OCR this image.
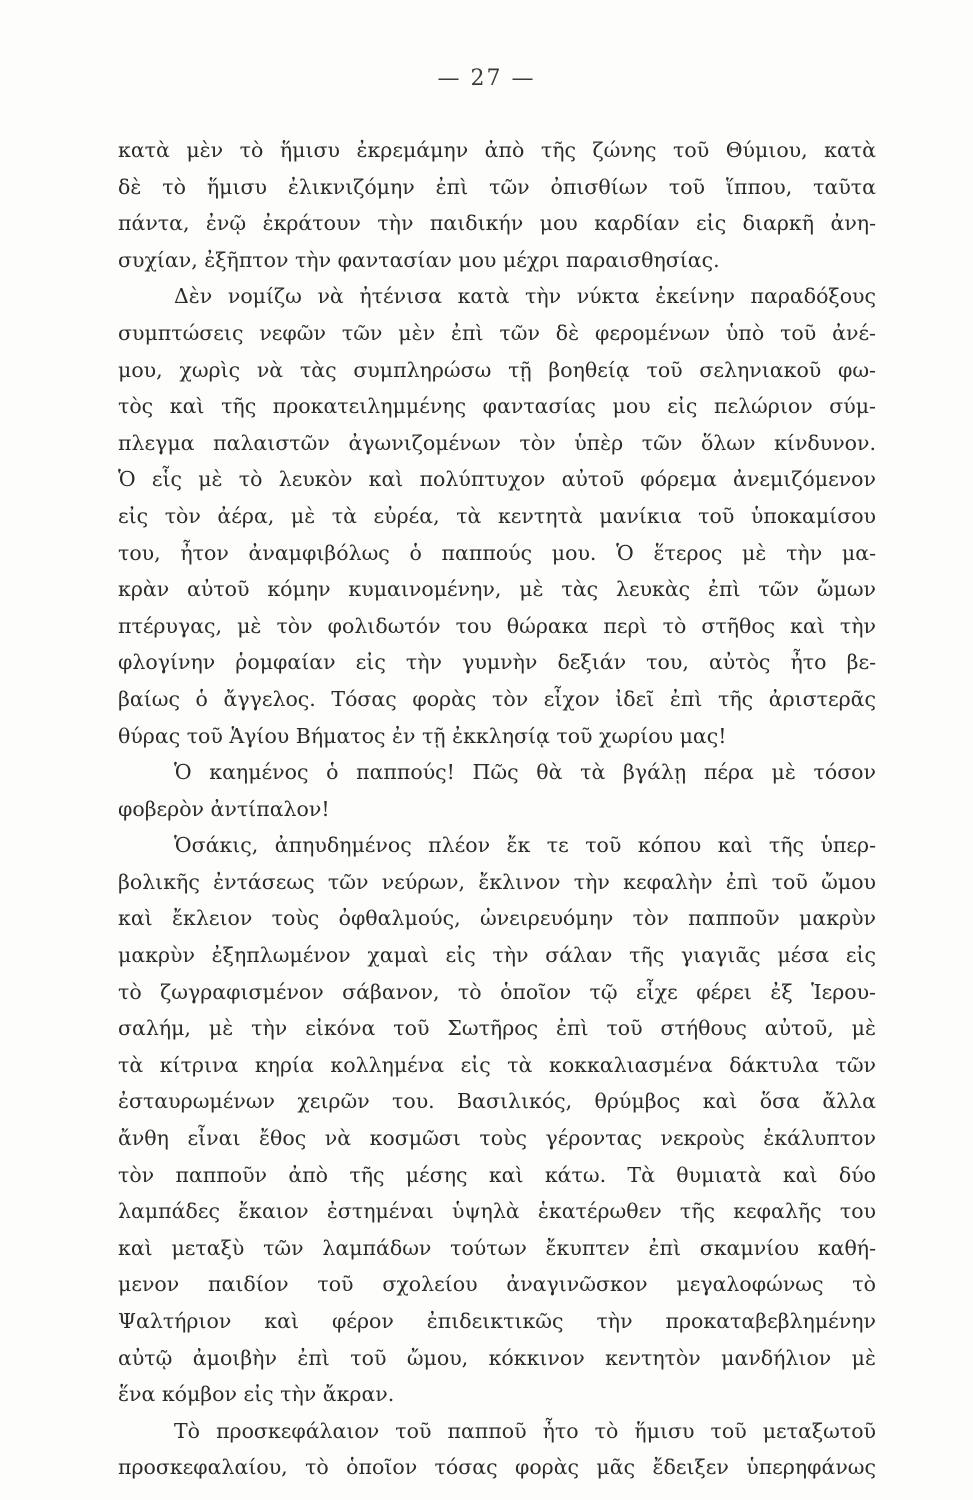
— 27 —
κατὰ μὲν τὸ ἥμισυ ἐκρεμάμην ἀπὸ τῆς ζώνης τοῦ Θύμιου, κατὰ
δὲ τὸ ἥμισυ ἐλικνιζόμην ἐπὶ τῶν ὀπισθίων τοῦ ἵππου, ταῦτα
πάντα, ἐνῷ ἐκράτουν τὴν παιδικήν μου καρδίαν εἰς διαρκῆ ἀνη-
συχίαν, ἐξῆπτον τὴν φαντασίαν μου μέχρι παραισθησίας.
Δὲν νομίζω νὰ ἠτένισα κατὰ τὴν νύκτα ἐκείνην παραδόξους
συμπτώσεις νεφῶν τῶν μὲν ἐπὶ τῶν δὲ φερομένων ὑπὸ τοῦ ἀνέ-
μου, χωρὶς νὰ τὰς συμπληρώσω τῇ βοηθείᾳ τοῦ σεληνιακοῦ φω-
τὸς καὶ τῆς προκατειλημμένης φαντασίας μου εἰς πελώριον σύμ-
πλεγμα παλαιστῶν ἀγωνιζομένων τὸν ὑπὲρ τῶν ὅλων κίνδυνον.
Ὁ εἷς μὲ τὸ λευκὸν καὶ πολύπτυχον αὐτοῦ φόρεμα ἀνεμιζόμενον
εἰς τὸν ἀέρα, μὲ τὰ εὐρέα, τὰ κεντητὰ μανίκια τοῦ ὑποκαμίσου
του, ἦτον ἀναμφιβόλως ὁ παππούς μου. Ὁ ἕτερος μὲ τὴν μα-
κρὰν αὐτοῦ κόμην κυμαινομένην, μὲ τὰς λευκὰς ἐπὶ τῶν ὤμων
πτέρυγας, μὲ τὸν φολιδωτόν του θώρακα περὶ τὸ στῆθος καὶ τὴν
φλογίνην ῥομφαίαν εἰς τὴν γυμνὴν δεξιάν του, αὐτὸς ἦτο βε-
βαίως ὁ ἄγγελος. Τόσας φορὰς τὸν εἶχον ἰδεῖ ἐπὶ τῆς ἀριστερᾶς
θύρας τοῦ Ἁγίου Βήματος ἐν τῇ ἐκκλησίᾳ τοῦ χωρίου μας!
Ὁ καημένος ὁ παππούς! Πῶς θὰ τὰ βγάλῃ πέρα μὲ τόσον
φοβερὸν ἀντίπαλον!
Ὁσάκις, ἀπηυδημένος πλέον ἔκ τε τοῦ κόπου καὶ τῆς ὑπερ-
βολικῆς ἐντάσεως τῶν νεύρων, ἔκλινον τὴν κεφαλὴν ἐπὶ τοῦ ὤμου
καὶ ἔκλειον τοὺς ὀφθαλμούς, ὠνειρευόμην τὸν παπποῦν μακρὺν
μακρὺν ἐξηπλωμένον χαμαὶ εἰς τὴν σάλαν τῆς γιαγιᾶς μέσα εἰς
τὸ ζωγραφισμένον σάβανον, τὸ ὁποῖον τῷ εἶχε φέρει ἐξ Ἱερου-
σαλήμ, μὲ τὴν εἰκόνα τοῦ Σωτῆρος ἐπὶ τοῦ στήθους αὐτοῦ, μὲ
τὰ κίτρινα κηρία κολλημένα εἰς τὰ κοκκαλιασμένα δάκτυλα τῶν
ἐσταυρωμένων χειρῶν του. Βασιλικός, θρύμβος καὶ ὅσα ἄλλα
ἄνθη εἶναι ἔθος νὰ κοσμῶσι τοὺς γέροντας νεκροὺς ἐκάλυπτον
τὸν παπποῦν ἀπὸ τῆς μέσης καὶ κάτω. Τὰ θυμιατὰ καὶ δύο
λαμπάδες ἔκαιον ἐστημέναι ὑψηλὰ ἑκατέρωθεν τῆς κεφαλῆς του
καὶ μεταξὺ τῶν λαμπάδων τούτων ἔκυπτεν ἐπὶ σκαμνίου καθή-
μενον παιδίον τοῦ σχολείου ἀναγινῶσκον μεγαλοφώνως τὸ
Ψαλτήριον καὶ φέρον ἐπιδεικτικῶς τὴν προκαταβεβλημένην
αὐτῷ ἀμοιβὴν ἐπὶ τοῦ ὤμου, κόκκινον κεντητὸν μανδήλιον μὲ
ἕνα κόμβον εἰς τὴν ἄκραν.
Τὸ προσκεφάλαιον τοῦ παπποῦ ἦτο τὸ ἥμισυ τοῦ μεταξωτοῦ
προσκεφαλαίου, τὸ ὁποῖον τόσας φορὰς μᾶς ἔδειξεν ὑπερηφάνως
